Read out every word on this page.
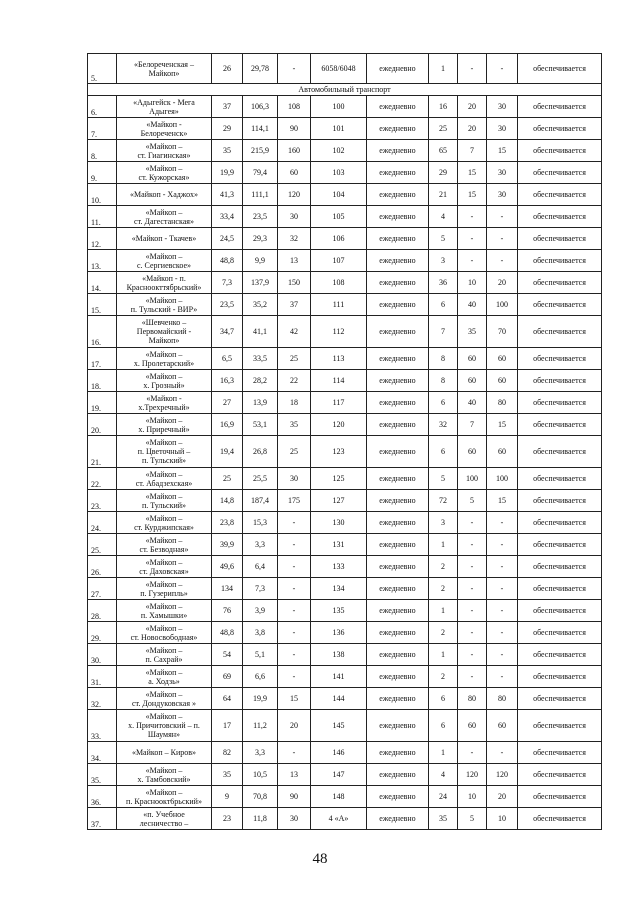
5.	«Белореченская –
Майкоп»	26	29,78	-	6058/6048	ежедневно	1	-	-	обеспечивается
Автомобильный транспорт										
6.	«Адыгейск - Мега
Адыгея»	37	106,3	108	100	ежедневно	16	20	30	обеспечивается
7.	«Майкоп -
Белореченск»	29	114,1	90	101	ежедневно	25	20	30	обеспечивается
8.	«Майкоп –
ст. Гиагинская»	35	215,9	160	102	ежедневно	65	7	15	обеспечивается
9.	«Майкоп –
ст. Кужорская»	19,9	79,4	60	103	ежедневно	29	15	30	обеспечивается
10.	«Майкоп - Хаджох»	41,3	111,1	120	104	ежедневно	21	15	30	обеспечивается
11.	«Майкоп –
ст. Дагестанская»	33,4	23,5	30	105	ежедневно	4	-	-	обеспечивается
12.	«Майкоп - Ткачев»	24,5	29,3	32	106	ежедневно	5	-	-	обеспечивается
13.	«Майкоп –
с. Сергиевское»	48,8	9,9	13	107	ежедневно	3	-	-	обеспечивается
14.	«Майкоп - п.
Красноокттябрьский»	7,3	137,9	150	108	ежедневно	36	10	20	обеспечивается
15.	«Майкоп –
п. Тульский - ВИР»	23,5	35,2	37	111	ежедневно	6	40	100	обеспечивается
16.	«Шевченко –
Первомайский -
Майкоп»	34,7	41,1	42	112	ежедневно	7	35	70	обеспечивается
17.	«Майкоп –
х. Пролетарский»	6,5	33,5	25	113	ежедневно	8	60	60	обеспечивается
18.	«Майкоп –
х. Грозный»	16,3	28,2	22	114	ежедневно	8	60	60	обеспечивается
19.	«Майкоп -
х.Трехречный»	27	13,9	18	117	ежедневно	6	40	80	обеспечивается
20.	«Майкоп –
х. Приречный»	16,9	53,1	35	120	ежедневно	32	7	15	обеспечивается
21.	«Майкоп –
п. Цветочный –
п. Тульский»	19,4	26,8	25	123	ежедневно	6	60	60	обеспечивается
22.	«Майкоп –
ст. Абадзехская»	25	25,5	30	125	ежедневно	5	100	100	обеспечивается
23.	«Майкоп –
п. Тульский»	14,8	187,4	175	127	ежедневно	72	5	15	обеспечивается
24.	«Майкоп –
ст. Курджипская»	23,8	15,3	-	130	ежедневно	3	-	-	обеспечивается
25.	«Майкоп –
ст. Безводная»	39,9	3,3	-	131	ежедневно	1	-	-	обеспечивается
26.	«Майкоп –
ст. Даховская»	49,6	6,4	-	133	ежедневно	2	-	-	обеспечивается
27.	«Майкоп –
п. Гузерипль»	134	7,3	-	134	ежедневно	2	-	-	обеспечивается
28.	«Майкоп –
п. Хамышки»	76	3,9	-	135	ежедневно	1	-	-	обеспечивается
29.	«Майкоп –
ст. Новосвободная»	48,8	3,8	-	136	ежедневно	2	-	-	обеспечивается
30.	«Майкоп –
п. Сахрай»	54	5,1	-	138	ежедневно	1	-	-	обеспечивается
31.	«Майкоп –
а. Ходзь»	69	6,6	-	141	ежедневно	2	-	-	обеспечивается
32.	«Майкоп –
ст. Дондуковская »	64	19,9	15	144	ежедневно	6	80	80	обеспечивается
33.	«Майкоп –
х. Причитовский – п.
Шаумян»	17	11,2	20	145	ежедневно	6	60	60	обеспечивается
34.	«Майкоп – Киров»	82	3,3	-	146	ежедневно	1	-	-	обеспечивается
35.	«Майкоп –
х. Тамбовский»	35	10,5	13	147	ежедневно	4	120	120	обеспечивается
36.	«Майкоп –
п. Красноокт6рьский»	9	70,8	90	148	ежедневно	24	10	20	обеспечивается
37.	«п. Учебное
лесничество –	23	11,8	30	4 «А»	ежедневно	35	5	10	обеспечивается
48
